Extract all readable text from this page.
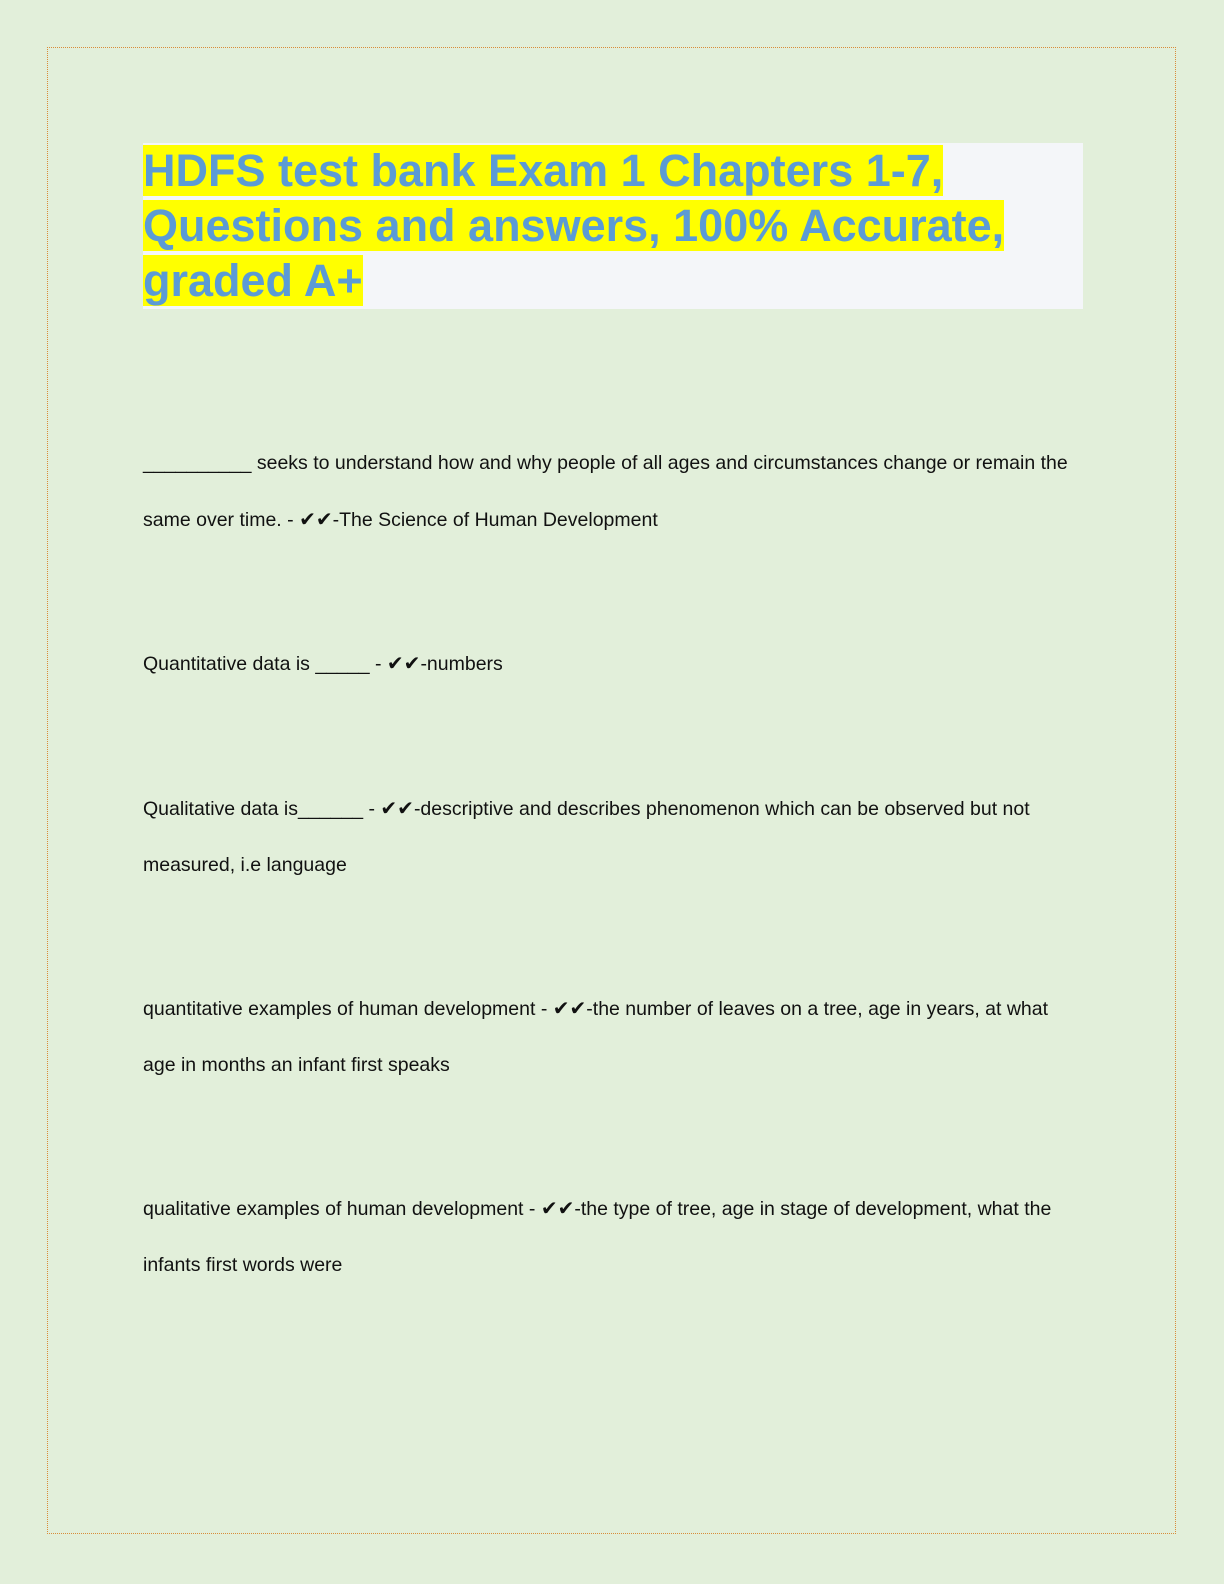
HDFS test bank Exam 1 Chapters 1-7, Questions and answers, 100% Accurate, graded A+

__________ seeks to understand how and why people of all ages and circumstances change or remain the same over time. - ✔✔-The Science of Human Development

Quantitative data is _____ - ✔✔-numbers

Qualitative data is______ - ✔✔-descriptive and describes phenomenon which can be observed but not measured, i.e language

quantitative examples of human development - ✔✔-the number of leaves on a tree, age in years, at what age in months an infant first speaks

qualitative examples of human development - ✔✔-the type of tree, age in stage of development, what the infants first words were
